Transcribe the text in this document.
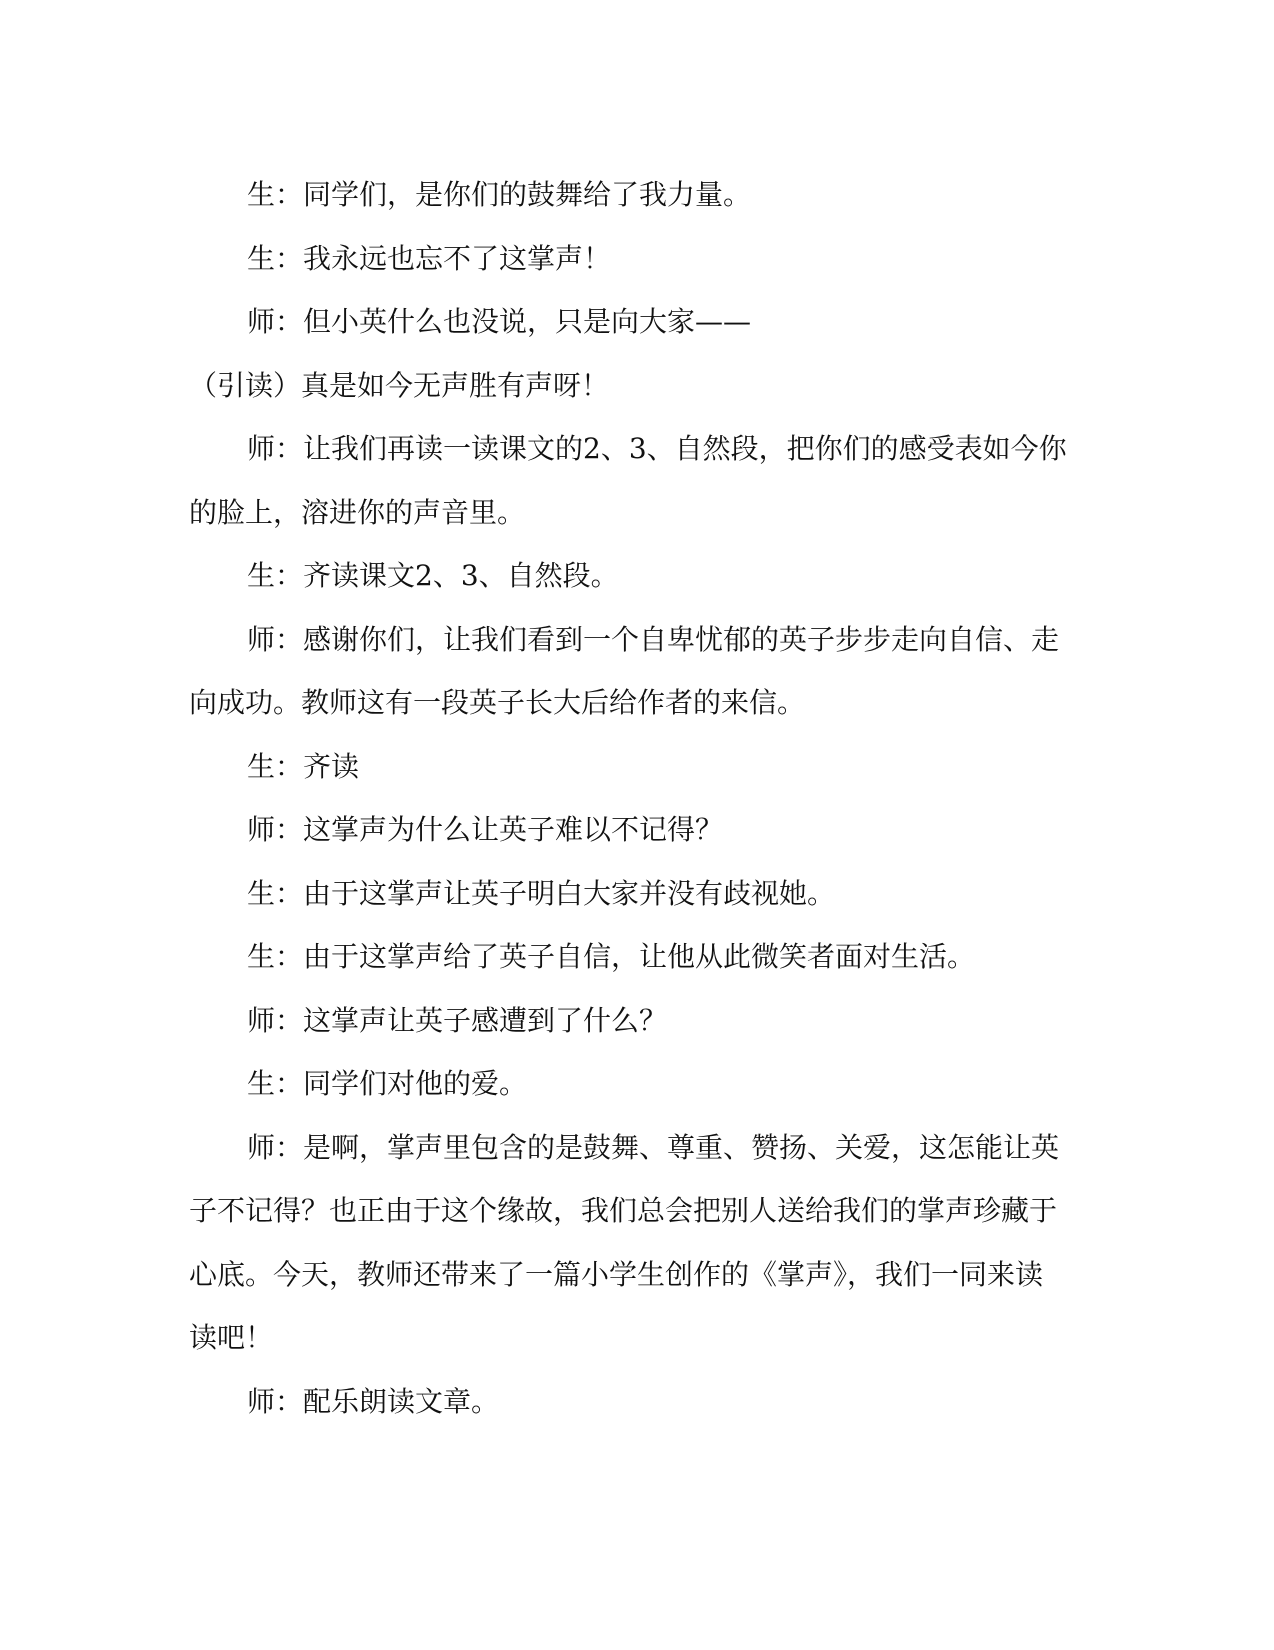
生：同学们，是你们的鼓舞给了我力量。

生：我永远也忘不了这掌声！

师：但小英什么也没说，只是向大家——

（引读）真是如今无声胜有声呀！

师：让我们再读一读课文的2、3、自然段，把你们的感受表如今你的脸上，溶进你的声音里。

生：齐读课文2、3、自然段。

师：感谢你们，让我们看到一个自卑忧郁的英子步步走向自信、走向成功。教师这有一段英子长大后给作者的来信。

生：齐读

师：这掌声为什么让英子难以不记得？

生：由于这掌声让英子明白大家并没有歧视她。

生：由于这掌声给了英子自信，让他从此微笑者面对生活。

师：这掌声让英子感遭到了什么？

生：同学们对他的爱。

师：是啊，掌声里包含的是鼓舞、尊重、赞扬、关爱，这怎能让英子不记得？也正由于这个缘故，我们总会把别人送给我们的掌声珍藏于心底。今天，教师还带来了一篇小学生创作的《掌声》，我们一同来读读吧！

师：配乐朗读文章。
